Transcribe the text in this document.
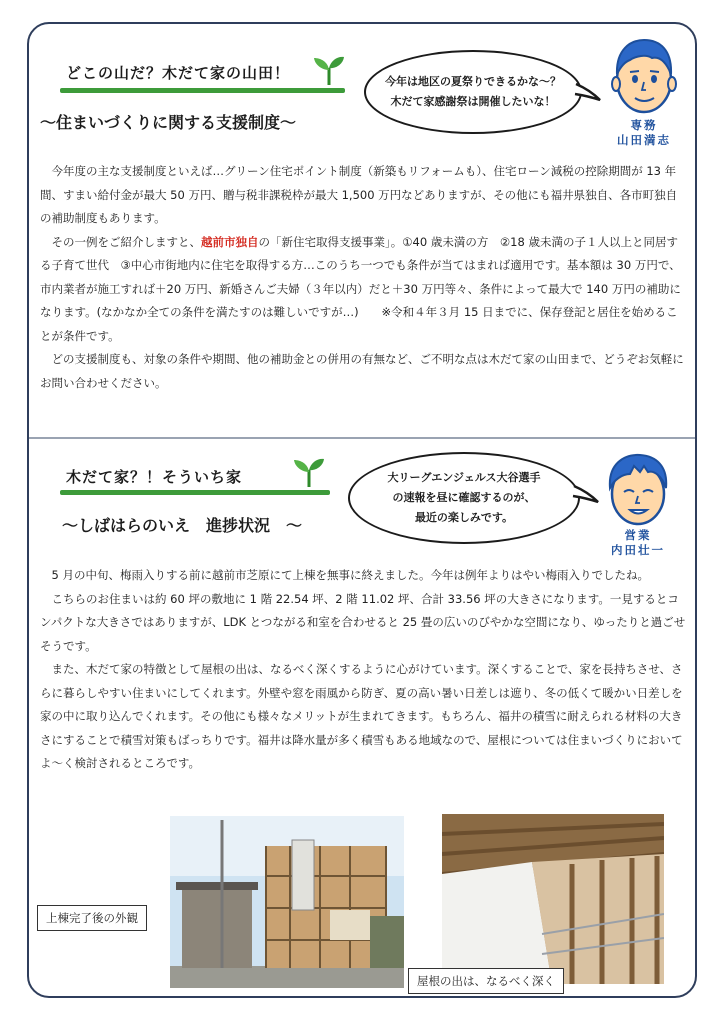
どこの山だ？木だて家の山田！
～住まいづくりに関する支援制度～
今年は地区の夏祭りできるかな～？
木だて家感謝祭は開催したいな！
専務
山田満志

今年度の主な支援制度といえば…グリーン住宅ポイント制度（新築もリフォームも）、住宅ローン減税の控除期間が 13 年間、すまい給付金が最大 50 万円、贈与税非課税枠が最大 1,500 万円などありますが、その他にも福井県独自、各市町独自の補助制度もあります。

その一例をご紹介しますと、越前市独自の「新住宅取得支援事業」。①40 歳未満の方　②18 歳未満の子１人以上と同居する子育て世代　③中心市街地内に住宅を取得する方…このうち一つでも条件が当てはまれば適用です。基本額は 30 万円で、市内業者が施工すれば＋20 万円、新婚さんご夫婦（３年以内）だと＋30 万円等々、条件によって最大で 140 万円の補助になります。(なかなか全ての条件を満たすのは難しいですが…)　　※令和４年３月 15 日までに、保存登記と居住を始めることが条件です。

どの支援制度も、対象の条件や期間、他の補助金との併用の有無など、ご不明な点は木だて家の山田まで、どうぞお気軽にお問い合わせください。

木だて家？！そういち家
～しばはらのいえ　進捗状況　～
大リーグエンジェルス大谷選手
の速報を昼に確認するのが、
最近の楽しみです。
営業
内田壮一

5 月の中旬、梅雨入りする前に越前市芝原にて上棟を無事に終えました。今年は例年よりはやい梅雨入りでしたね。

こちらのお住まいは約 60 坪の敷地に 1 階 22.54 坪、2 階 11.02 坪、合計 33.56 坪の大きさになります。一見するとコンパクトな大きさではありますが、LDK とつながる和室を合わせると 25 畳の広いのびやかな空間になり、ゆったりと過ごせそうです。

また、木だて家の特徴として屋根の出は、なるべく深くするように心がけています。深くすることで、家を長持ちさせ、さらに暮らしやすい住まいにしてくれます。外壁や窓を雨風から防ぎ、夏の高い暑い日差しは遮り、冬の低くて暖かい日差しを家の中に取り込んでくれます。その他にも様々なメリットが生まれてきます。もちろん、福井の積雪に耐えられる材料の大きさにすることで積雪対策もばっちりです。福井は降水量が多く積雪もある地域なので、屋根については住まいづくりにおいてよ～く検討されるところです。

上棟完了後の外観
屋根の出は、なるべく深く
